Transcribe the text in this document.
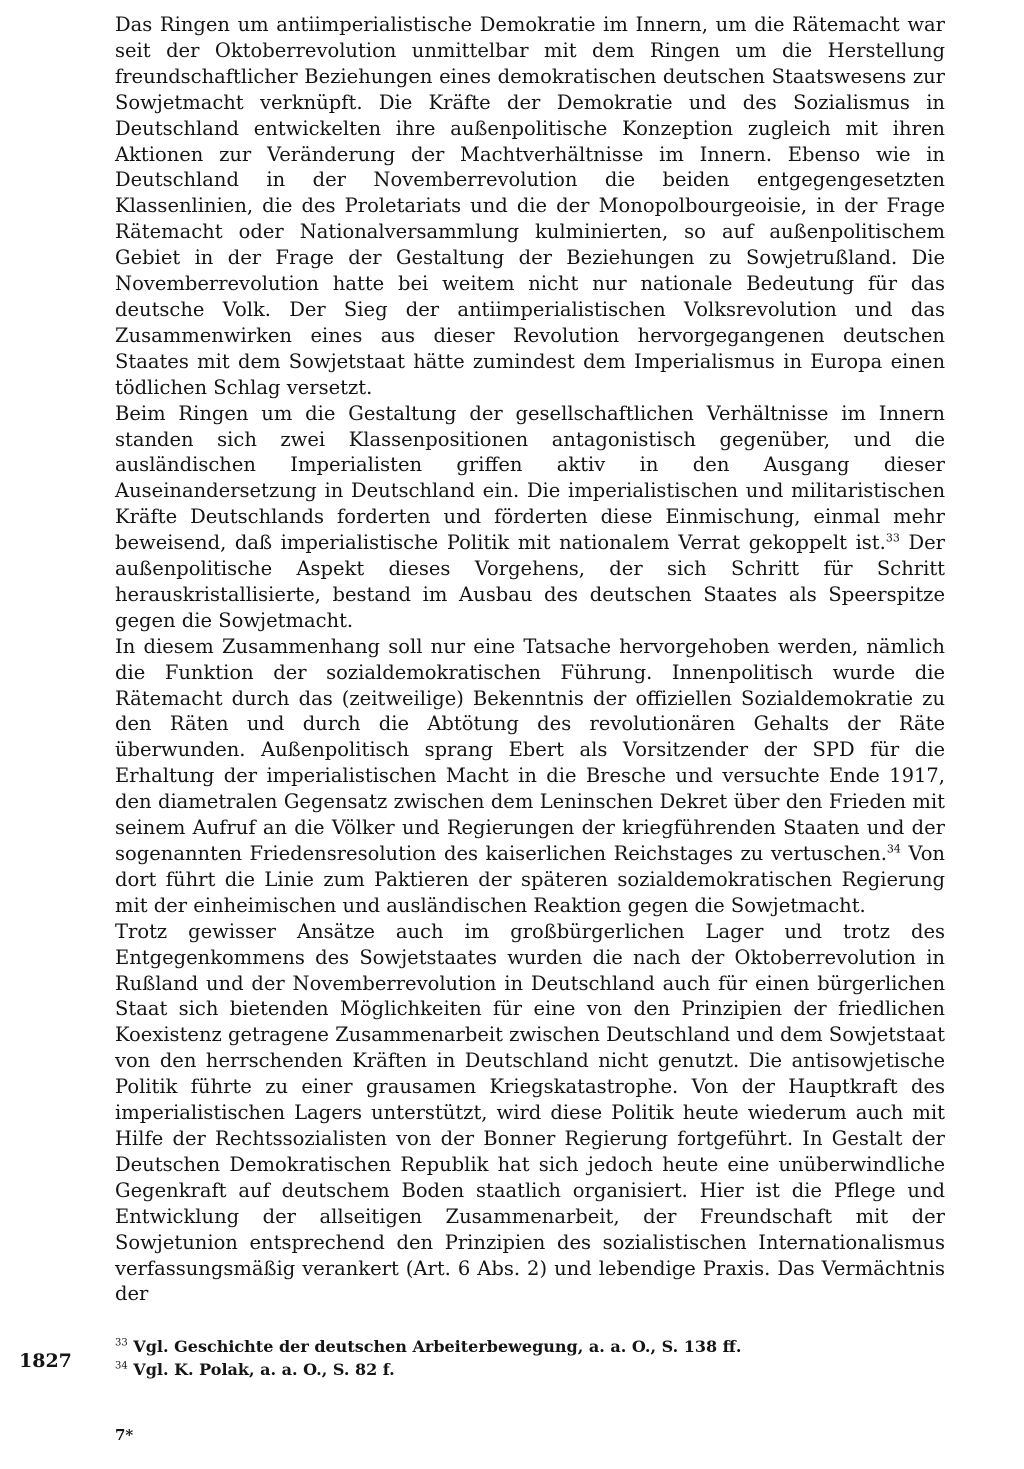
Das Ringen um antiimperialistische Demokratie im Innern, um die Rätemacht war seit der Oktoberrevolution unmittelbar mit dem Ringen um die Herstellung freundschaftlicher Beziehungen eines demokratischen deutschen Staatswesens zur Sowjetmacht verknüpft. Die Kräfte der Demokratie und des Sozialismus in Deutschland entwickelten ihre außenpolitische Konzeption zugleich mit ihren Aktionen zur Veränderung der Machtverhältnisse im Innern. Ebenso wie in Deutschland in der Novemberrevolution die beiden entgegengesetzten Klassenlinien, die des Proletariats und die der Monopolbourgeoisie, in der Frage Rätemacht oder Nationalversammlung kulminierten, so auf außenpolitischem Gebiet in der Frage der Gestaltung der Beziehungen zu Sowjetrußland. Die Novemberrevolution hatte bei weitem nicht nur nationale Bedeutung für das deutsche Volk. Der Sieg der antiimperialistischen Volksrevolution und das Zusammenwirken eines aus dieser Revolution hervorgegangenen deutschen Staates mit dem Sowjetstaat hätte zumindest dem Imperialismus in Europa einen tödlichen Schlag versetzt.

Beim Ringen um die Gestaltung der gesellschaftlichen Verhältnisse im Innern standen sich zwei Klassenpositionen antagonistisch gegenüber, und die ausländischen Imperialisten griffen aktiv in den Ausgang dieser Auseinandersetzung in Deutschland ein. Die imperialistischen und militaristischen Kräfte Deutschlands forderten und förderten diese Einmischung, einmal mehr beweisend, daß imperialistische Politik mit nationalem Verrat gekoppelt ist.$^{33}$ Der außenpolitische Aspekt dieses Vorgehens, der sich Schritt für Schritt herauskristallisierte, bestand im Ausbau des deutschen Staates als Speerspitze gegen die Sowjetmacht.

In diesem Zusammenhang soll nur eine Tatsache hervorgehoben werden, nämlich die Funktion der sozialdemokratischen Führung. Innenpolitisch wurde die Rätemacht durch das (zeitweilige) Bekenntnis der offiziellen Sozialdemokratie zu den Räten und durch die Abtötung des revolutionären Gehalts der Räte überwunden. Außenpolitisch sprang Ebert als Vorsitzender der SPD für die Erhaltung der imperialistischen Macht in die Bresche und versuchte Ende 1917, den diametralen Gegensatz zwischen dem Leninschen Dekret über den Frieden mit seinem Aufruf an die Völker und Regierungen der kriegführenden Staaten und der sogenannten Friedensresolution des kaiserlichen Reichstages zu vertuschen.$^{34}$ Von dort führt die Linie zum Paktieren der späteren sozialdemokratischen Regierung mit der einheimischen und ausländischen Reaktion gegen die Sowjetmacht.

Trotz gewisser Ansätze auch im großbürgerlichen Lager und trotz des Entgegenkommens des Sowjetstaates wurden die nach der Oktoberrevolution in Rußland und der Novemberrevolution in Deutschland auch für einen bürgerlichen Staat sich bietenden Möglichkeiten für eine von den Prinzipien der friedlichen Koexistenz getragene Zusammenarbeit zwischen Deutschland und dem Sowjetstaat von den herrschenden Kräften in Deutschland nicht genutzt. Die antisowjetische Politik führte zu einer grausamen Kriegskatastrophe. Von der Hauptkraft des imperialistischen Lagers unterstützt, wird diese Politik heute wiederum auch mit Hilfe der Rechtssozialisten von der Bonner Regierung fortgeführt. In Gestalt der Deutschen Demokratischen Republik hat sich jedoch heute eine unüberwindliche Gegenkraft auf deutschem Boden staatlich organisiert. Hier ist die Pflege und Entwicklung der allseitigen Zusammenarbeit, der Freundschaft mit der Sowjetunion entsprechend den Prinzipien des sozialistischen Internationalismus verfassungsmäßig verankert (Art. 6 Abs. 2) und lebendige Praxis. Das Vermächtnis der

1827

$^{33}$ Vgl. Geschichte der deutschen Arbeiterbewegung, a. a. O., S. 138 ff.

$^{34}$ Vgl. K. Polak, a. a. O., S. 82 f.

7*
